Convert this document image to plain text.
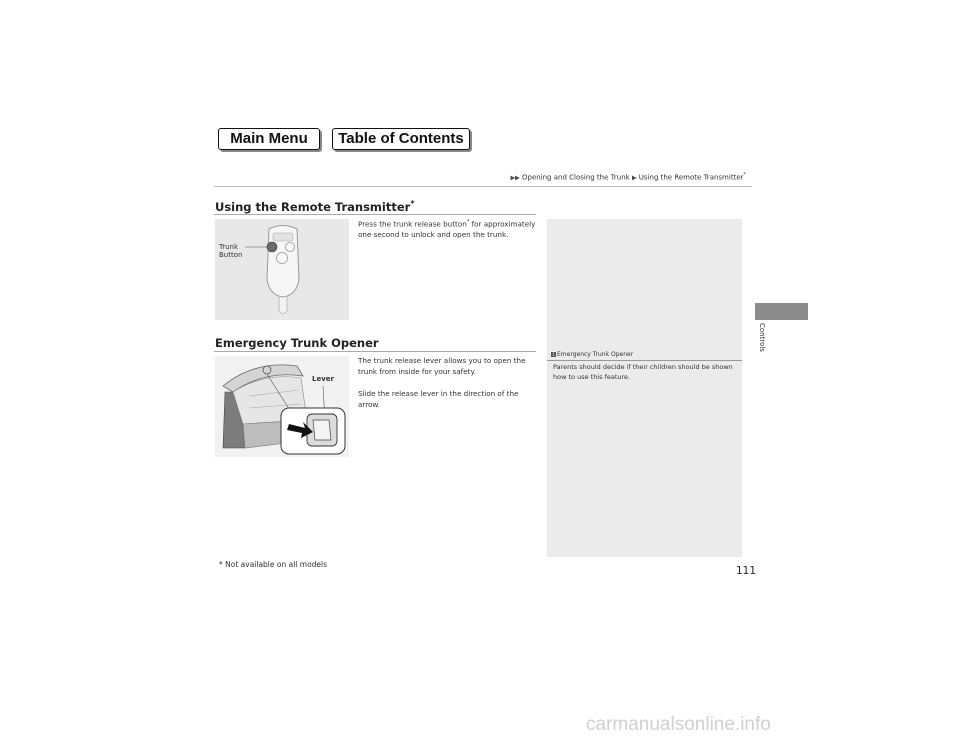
Main Menu	Table of Contents
▶▶ Opening and Closing the Trunk ▶ Using the Remote Transmitter*
Using the Remote Transmitter*
Trunk
Button

Press the trunk release button* for approximately one second to unlock and open the trunk.

Emergency Trunk Opener
Lever

The trunk release lever allows you to open the trunk from inside for your safety.

Slide the release lever in the direction of the arrow.

1 Emergency Trunk Opener
Parents should decide if their children should be shown how to use this feature.
Controls
* Not available on all models
111
carmanualsonline.info
